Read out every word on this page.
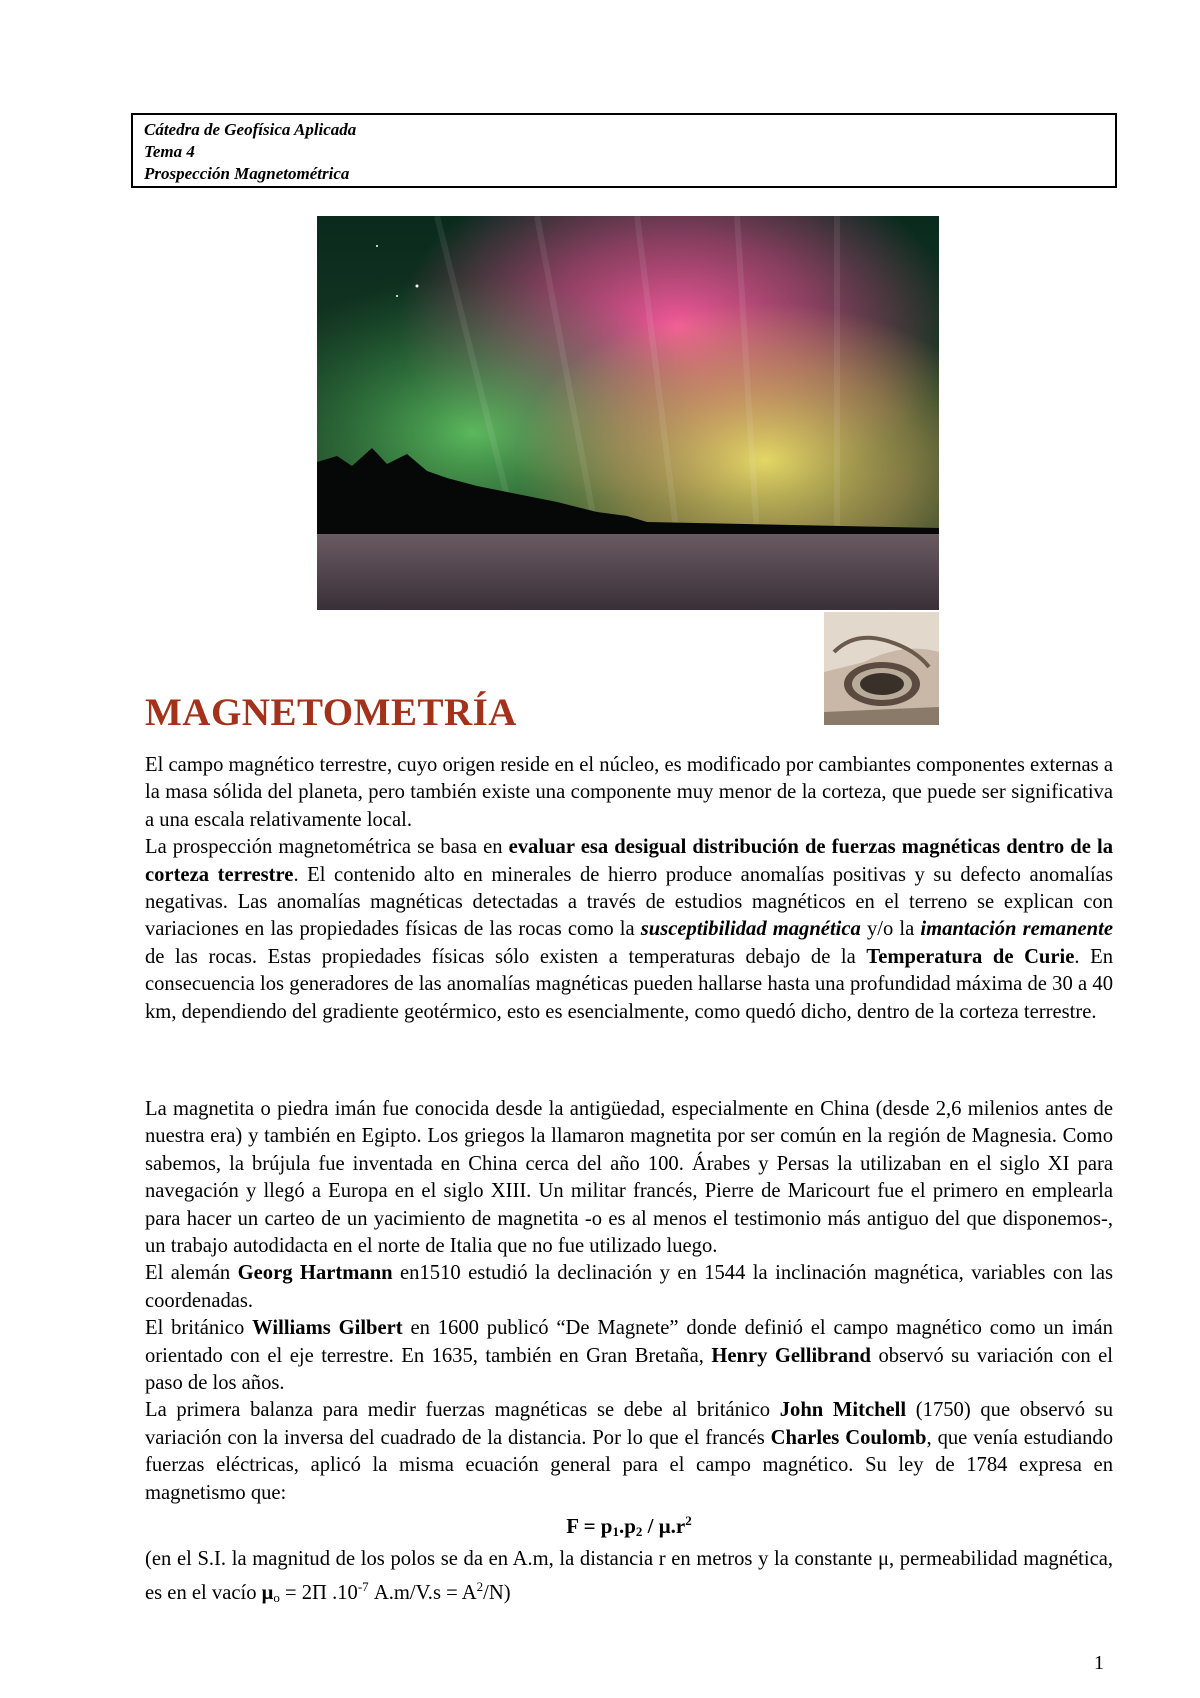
Cátedra de Geofísica Aplicada
Tema 4
Prospección Magnetométrica
MAGNETOMETRÍA

El campo magnético terrestre, cuyo origen reside en el núcleo, es modificado por cambiantes componentes externas a la masa sólida del planeta, pero también existe una componente muy menor de la corteza, que puede ser significativa a una escala relativamente local.

La prospección magnetométrica se basa en evaluar esa desigual distribución de fuerzas magnéticas dentro de la corteza terrestre. El contenido alto en minerales de hierro produce anomalías positivas y su defecto anomalías negativas. Las anomalías magnéticas detectadas a través de estudios magnéticos en el terreno se explican con variaciones en las propiedades físicas de las rocas como la susceptibilidad magnética y/o la imantación remanente de las rocas. Estas propiedades físicas sólo existen a temperaturas debajo de la Temperatura de Curie. En consecuencia los generadores de las anomalías magnéticas pueden hallarse hasta una profundidad máxima de 30 a 40 km, dependiendo del gradiente geotérmico, esto es esencialmente, como quedó dicho, dentro de la corteza terrestre.

La magnetita o piedra imán fue conocida desde la antigüedad, especialmente en China (desde 2,6 milenios antes de nuestra era) y también en Egipto. Los griegos la llamaron magnetita por ser común en la región de Magnesia. Como sabemos, la brújula fue inventada en China cerca del año 100. Árabes y Persas la utilizaban en el siglo XI para navegación y llegó a Europa en el siglo XIII. Un militar francés, Pierre de Maricourt fue el primero en emplearla para hacer un carteo de un yacimiento de magnetita -o es al menos el testimonio más antiguo del que disponemos-, un trabajo autodidacta en el norte de Italia que no fue utilizado luego.

El alemán Georg Hartmann en1510 estudió la declinación y en 1544 la inclinación magnética, variables con las coordenadas.

El británico Williams Gilbert en 1600 publicó “De Magnete” donde definió el campo magnético como un imán orientado con el eje terrestre. En 1635, también en Gran Bretaña, Henry Gellibrand observó su variación con el paso de los años.

La primera balanza para medir fuerzas magnéticas se debe al británico John Mitchell (1750) que observó su variación con la inversa del cuadrado de la distancia. Por lo que el francés Charles Coulomb, que venía estudiando fuerzas eléctricas, aplicó la misma ecuación general para el campo magnético. Su ley de 1784 expresa en magnetismo que:

$F = p_1.p_2 / \mu.r^2$

(en el S.I. la magnitud de los polos se da en A.m, la distancia r en metros y la constante μ, permeabilidad magnética, es en el vacío $\mu_o = 2\Pi$ $.10^{-7}$ $A.m/V.s = A^2/N$)

1
